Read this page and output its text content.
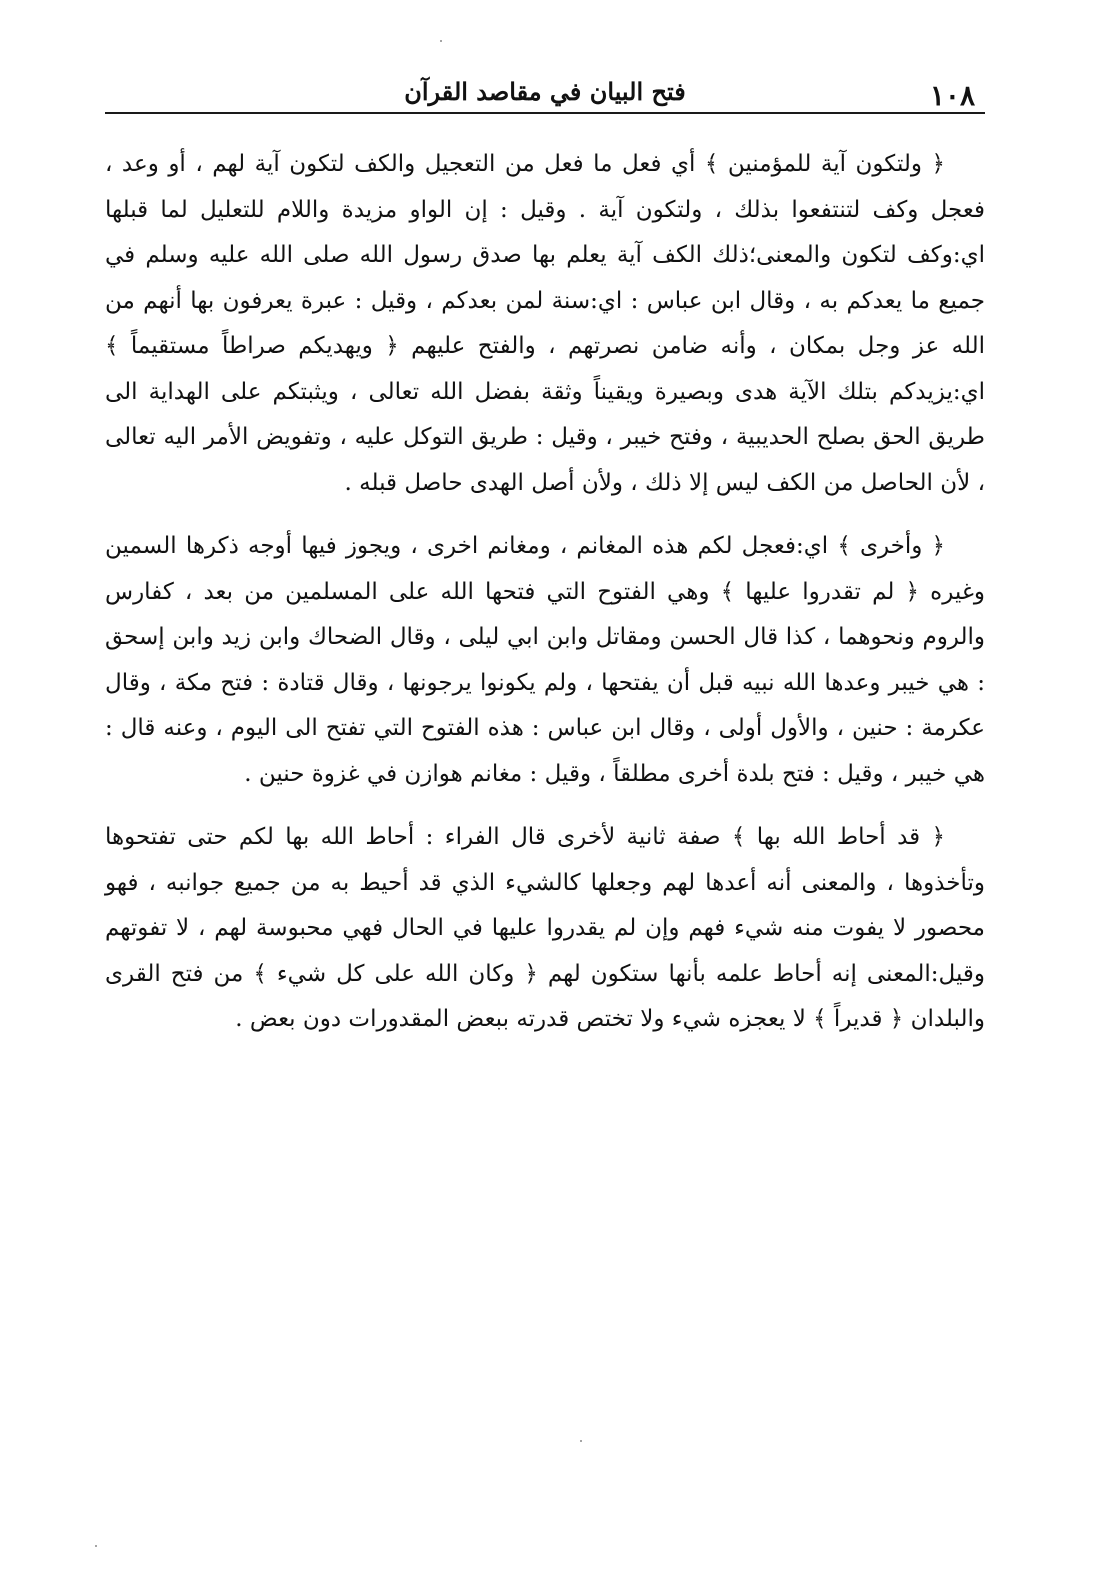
١٠٨
فتح البيان في مقاصد القرآن

﴿ ولتكون آية للمؤمنين ﴾ أي فعل ما فعل من التعجيل والكف لتكون آية لهم ، أو وعد ، فعجل وكف لتنتفعوا بذلك ، ولتكون آية . وقيل : إن الواو مزيدة واللام للتعليل لما قبلها اي:وكف لتكون والمعنى؛ذلك الكف آية يعلم بها صدق رسول الله صلى الله عليه وسلم في جميع ما يعدكم به ، وقال ابن عباس : اي:سنة لمن بعدكم ، وقيل : عبرة يعرفون بها أنهم من الله عز وجل بمكان ، وأنه ضامن نصرتهم ، والفتح عليهم ﴿ ويهديكم صراطاً مستقيماً ﴾ اي:يزيدكم بتلك الآية هدى وبصيرة ويقيناً وثقة بفضل الله تعالى ، ويثبتكم على الهداية الى طريق الحق بصلح الحديبية ، وفتح خيبر ، وقيل : طريق التوكل عليه ، وتفويض الأمر اليه تعالى ، لأن الحاصل من الكف ليس إلا ذلك ، ولأن أصل الهدى حاصل قبله .

﴿ وأخرى ﴾ اي:فعجل لكم هذه المغانم ، ومغانم اخرى ، ويجوز فيها أوجه ذكرها السمين وغيره ﴿ لم تقدروا عليها ﴾ وهي الفتوح التي فتحها الله على المسلمين من بعد ، كفارس والروم ونحوهما ، كذا قال الحسن ومقاتل وابن ابي ليلى ، وقال الضحاك وابن زيد وابن إسحق : هي خيبر وعدها الله نبيه قبل أن يفتحها ، ولم يكونوا يرجونها ، وقال قتادة : فتح مكة ، وقال عكرمة : حنين ، والأول أولى ، وقال ابن عباس : هذه الفتوح التي تفتح الى اليوم ، وعنه قال : هي خيبر ، وقيل : فتح بلدة أخرى مطلقاً ، وقيل : مغانم هوازن في غزوة حنين .

﴿ قد أحاط الله بها ﴾ صفة ثانية لأخرى قال الفراء : أحاط الله بها لكم حتى تفتحوها وتأخذوها ، والمعنى أنه أعدها لهم وجعلها كالشيء الذي قد أحيط به من جميع جوانبه ، فهو محصور لا يفوت منه شيء فهم وإن لم يقدروا عليها في الحال فهي محبوسة لهم ، لا تفوتهم وقيل:المعنى إنه أحاط علمه بأنها ستكون لهم ﴿ وكان الله على كل شيء ﴾ من فتح القرى والبلدان ﴿ قديراً ﴾ لا يعجزه شيء ولا تختص قدرته ببعض المقدورات دون بعض .
